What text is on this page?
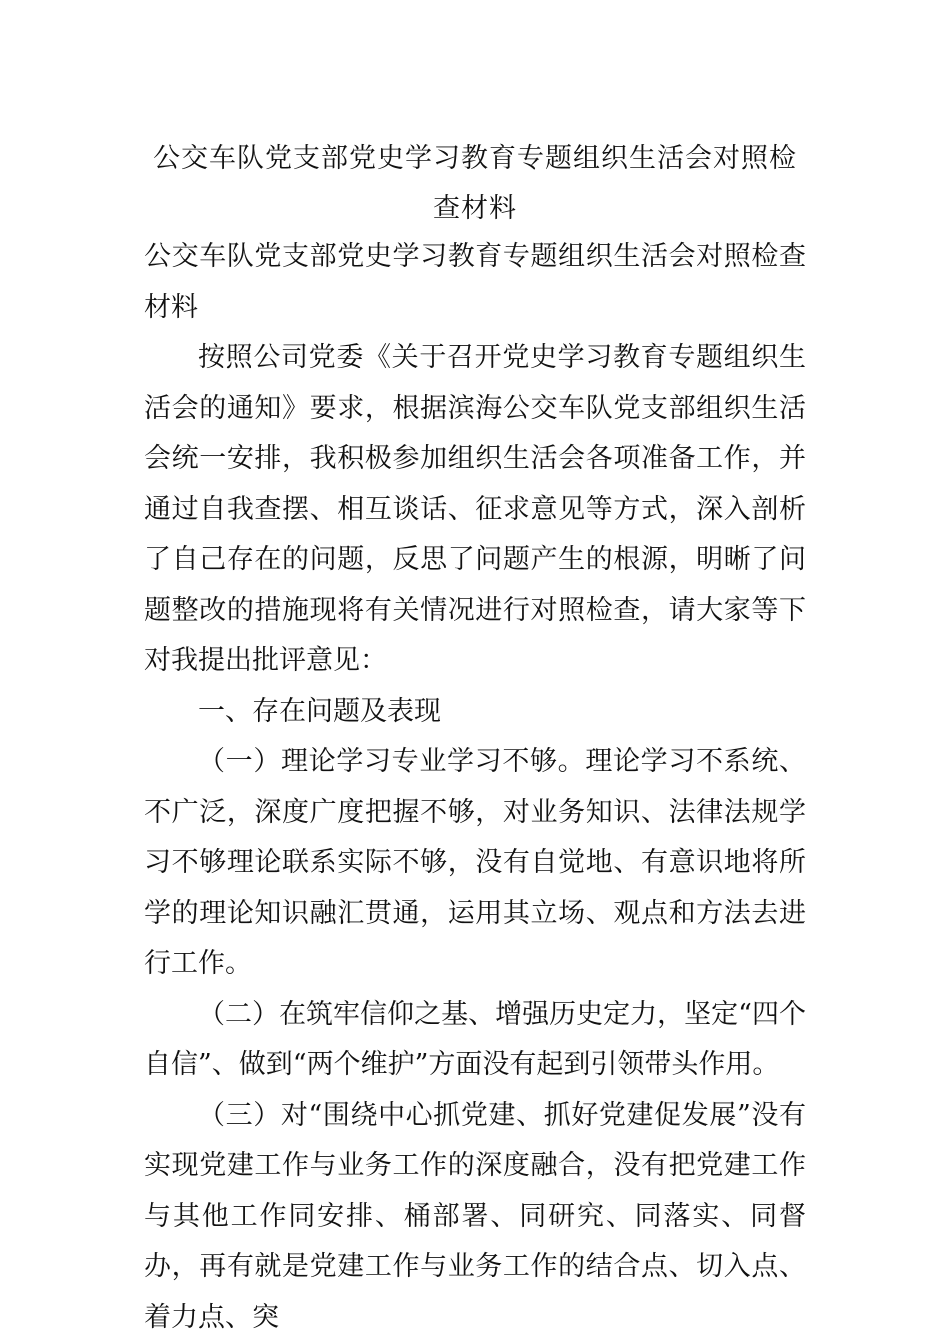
公交车队党支部党史学习教育专题组织生活会对照检查材料

公交车队党支部党史学习教育专题组织生活会对照检查材料

按照公司党委《关于召开党史学习教育专题组织生活会的通知》要求，根据滨海公交车队党支部组织生活会统一安排，我积极参加组织生活会各项准备工作，并通过自我查摆、相互谈话、征求意见等方式，深入剖析了自己存在的问题，反思了问题产生的根源，明晰了问题整改的措施现将有关情况进行对照检查，请大家等下对我提出批评意见：

一、存在问题及表现

（一）理论学习专业学习不够。理论学习不系统、不广泛，深度广度把握不够，对业务知识、法律法规学习不够理论联系实际不够，没有自觉地、有意识地将所学的理论知识融汇贯通，运用其立场、观点和方法去进行工作。

（二）在筑牢信仰之基、增强历史定力，坚定“四个自信”、做到“两个维护”方面没有起到引领带头作用。

（三）对“围绕中心抓党建、抓好党建促发展”没有实现党建工作与业务工作的深度融合，没有把党建工作与其他工作同安排、桶部署、同研究、同落实、同督办，再有就是党建工作与业务工作的结合点、切入点、着力点、突
